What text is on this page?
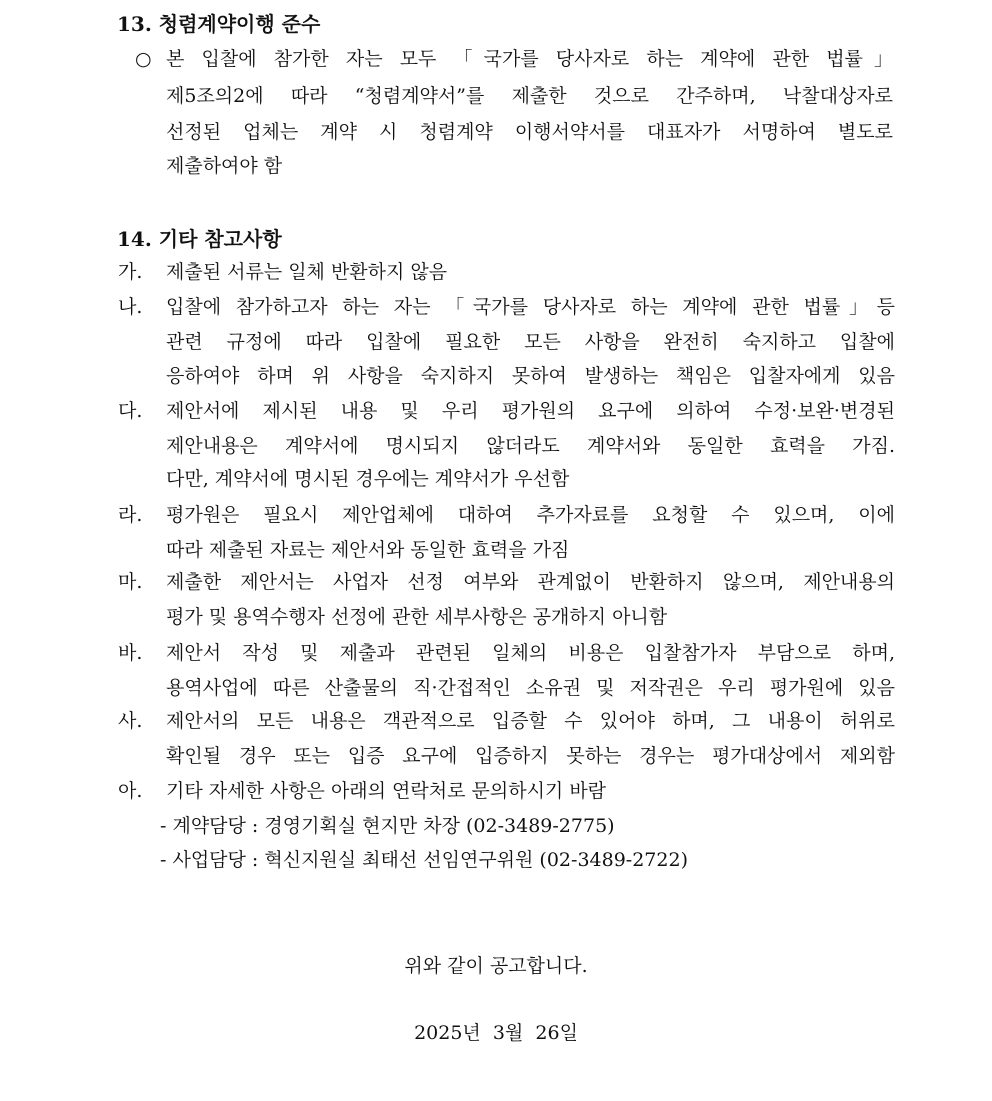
13. 청렴계약이행 준수
○ 본 입찰에 참가한 자는 모두 「국가를 당사자로 하는 계약에 관한 법률」
제5조의2에 따라 “청렴계약서”를 제출한 것으로 간주하며, 낙찰대상자로
선정된 업체는 계약 시 청렴계약 이행서약서를 대표자가 서명하여 별도로
제출하여야 함
14. 기타 참고사항
가. 제출된 서류는 일체 반환하지 않음
나. 입찰에 참가하고자 하는 자는 「국가를 당사자로 하는 계약에 관한 법률」등
관련 규정에 따라 입찰에 필요한 모든 사항을 완전히 숙지하고 입찰에
응하여야 하며 위 사항을 숙지하지 못하여 발생하는 책임은 입찰자에게 있음
다. 제안서에 제시된 내용 및 우리 평가원의 요구에 의하여 수정·보완·변경된
제안내용은 계약서에 명시되지 않더라도 계약서와 동일한 효력을 가짐.
다만, 계약서에 명시된 경우에는 계약서가 우선함
라. 평가원은 필요시 제안업체에 대하여 추가자료를 요청할 수 있으며, 이에
따라 제출된 자료는 제안서와 동일한 효력을 가짐
마. 제출한 제안서는 사업자 선정 여부와 관계없이 반환하지 않으며, 제안내용의
평가 및 용역수행자 선정에 관한 세부사항은 공개하지 아니함
바. 제안서 작성 및 제출과 관련된 일체의 비용은 입찰참가자 부담으로 하며,
용역사업에 따른 산출물의 직·간접적인 소유권 및 저작권은 우리 평가원에 있음
사. 제안서의 모든 내용은 객관적으로 입증할 수 있어야 하며, 그 내용이 허위로
확인될 경우 또는 입증 요구에 입증하지 못하는 경우는 평가대상에서 제외함
아. 기타 자세한 사항은 아래의 연락처로 문의하시기 바람
- 계약담당 : 경영기획실 현지만 차장 (02-3489-2775)
- 사업담당 : 혁신지원실 최태선 선임연구위원 (02-3489-2722)
위와 같이 공고합니다.
2025년  3월  26일
